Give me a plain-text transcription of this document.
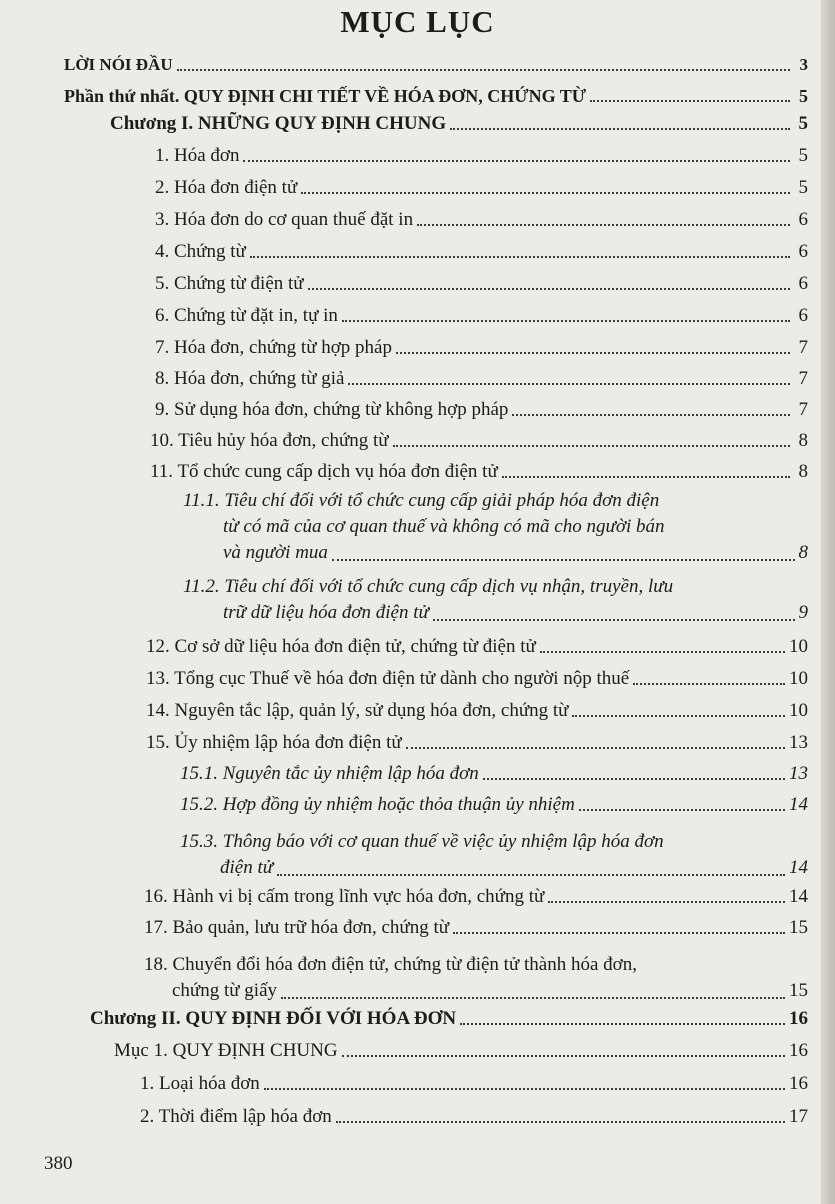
MỤC LỤC
LỜI NÓI ĐẦU	3
Phần thứ nhất. QUY ĐỊNH CHI TIẾT VỀ HÓA ĐƠN, CHỨNG TỪ	5
Chương I. NHỮNG QUY ĐỊNH CHUNG	5
1. Hóa đơn	5
2. Hóa đơn điện tử	5
3. Hóa đơn do cơ quan thuế đặt in	6
4. Chứng từ	6
5. Chứng từ điện tử	6
6. Chứng từ đặt in, tự in	6
7. Hóa đơn, chứng từ hợp pháp	7
8. Hóa đơn, chứng từ giả	7
9. Sử dụng hóa đơn, chứng từ không hợp pháp	7
10. Tiêu hủy hóa đơn, chứng từ	8
11. Tổ chức cung cấp dịch vụ hóa đơn điện tử	8
11.1. Tiêu chí đối với tổ chức cung cấp giải pháp hóa đơn điện
từ có mã của cơ quan thuế và không có mã cho người bán
và người mua	8
11.2. Tiêu chí đối với tổ chức cung cấp dịch vụ nhận, truyền, lưu
trữ dữ liệu hóa đơn điện tử	9
12. Cơ sở dữ liệu hóa đơn điện tử, chứng từ điện tử	10
13. Tổng cục Thuế về hóa đơn điện tử dành cho người nộp thuế	10
14. Nguyên tắc lập, quản lý, sử dụng hóa đơn, chứng từ	10
15. Ủy nhiệm lập hóa đơn điện tử	13
15.1. Nguyên tắc ủy nhiệm lập hóa đơn	13
15.2. Hợp đồng ủy nhiệm hoặc thỏa thuận ủy nhiệm	14
15.3. Thông báo với cơ quan thuế về việc ủy nhiệm lập hóa đơn
điện tử	14
16. Hành vi bị cấm trong lĩnh vực hóa đơn, chứng từ	14
17. Bảo quản, lưu trữ hóa đơn, chứng từ	15
18. Chuyển đổi hóa đơn điện tử, chứng từ điện tử thành hóa đơn,
chứng từ giấy	15
Chương II. QUY ĐỊNH ĐỐI VỚI HÓA ĐƠN	16
Mục 1. QUY ĐỊNH CHUNG	16
1. Loại hóa đơn	16
2. Thời điểm lập hóa đơn	17
380
